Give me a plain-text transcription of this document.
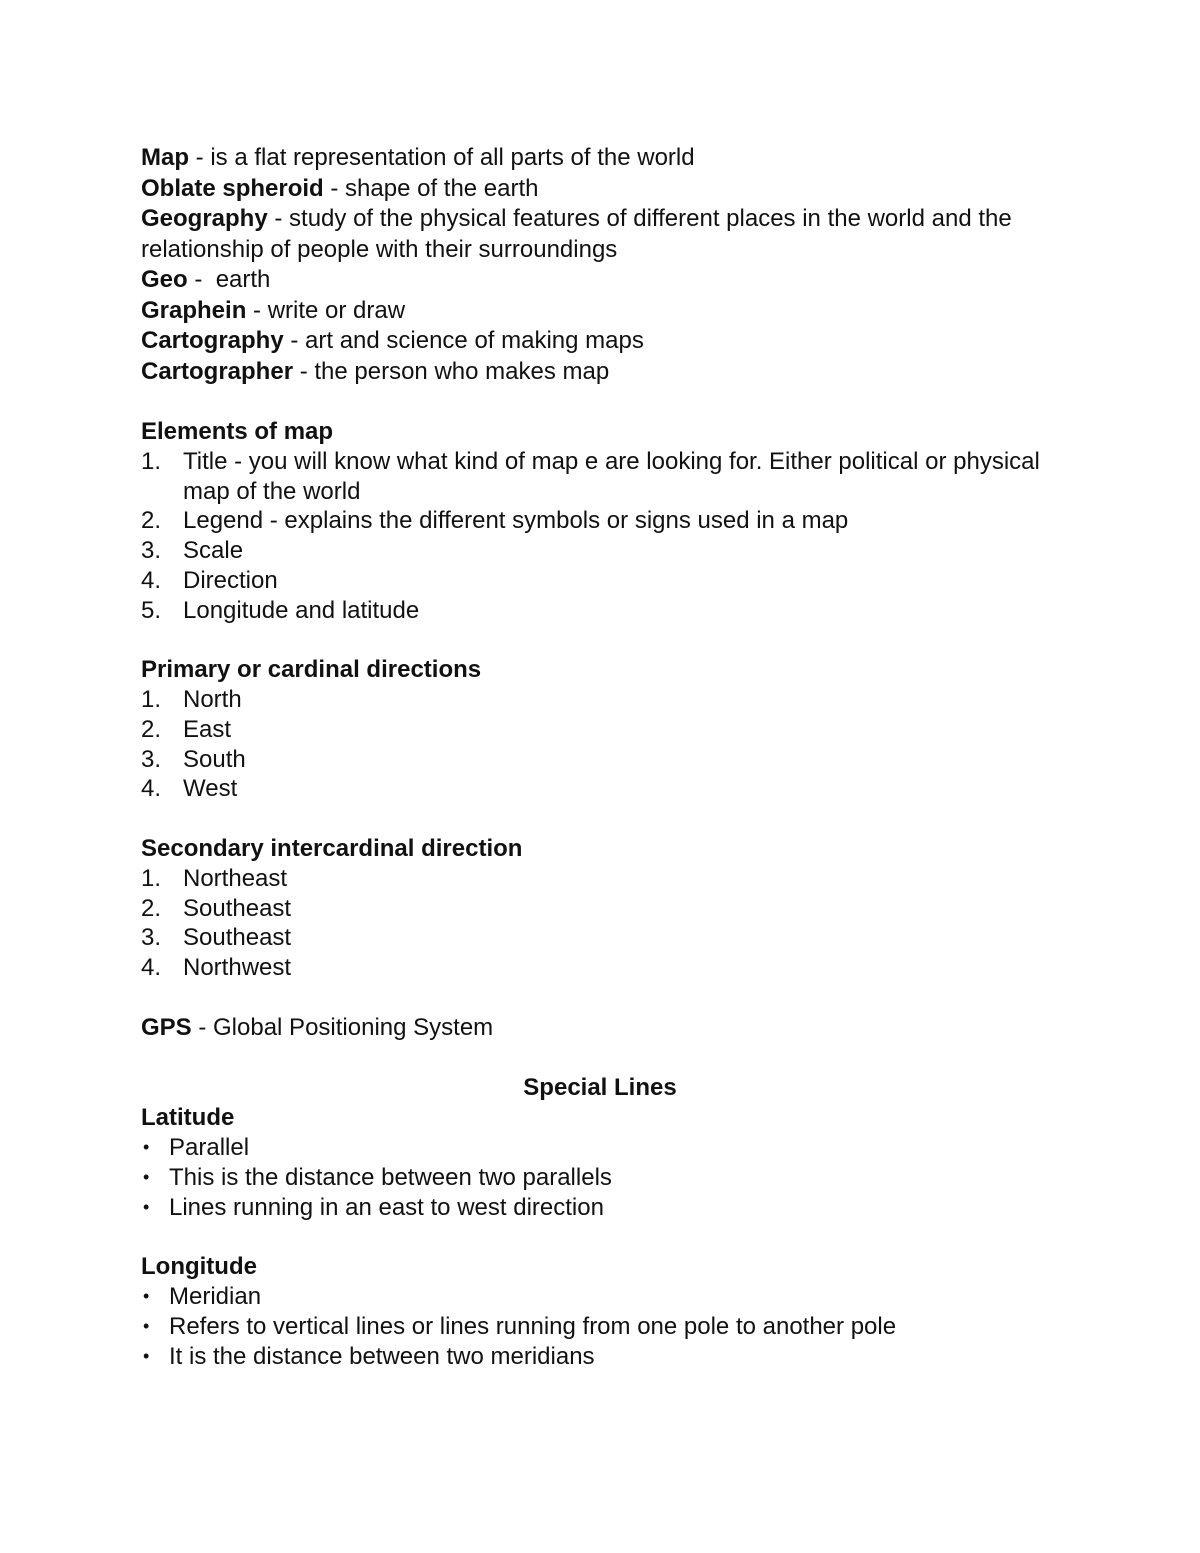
Map - is a flat representation of all parts of the world
Oblate spheroid - shape of the earth
Geography - study of the physical features of different places in the world and the relationship of people with their surroundings
Geo -  earth
Graphein - write or draw
Cartography - art and science of making maps
Cartographer - the person who makes map
Elements of map
1. Title - you will know what kind of map e are looking for. Either political or physical map of the world
2. Legend - explains the different symbols or signs used in a map
3. Scale
4. Direction
5. Longitude and latitude
Primary or cardinal directions
1. North
2. East
3. South
4. West
Secondary intercardinal direction
1. Northeast
2. Southeast
3. Southeast
4. Northwest
GPS - Global Positioning System
Special Lines
Latitude
• Parallel
• This is the distance between two parallels
• Lines running in an east to west direction
Longitude
• Meridian
• Refers to vertical lines or lines running from one pole to another pole
• It is the distance between two meridians
